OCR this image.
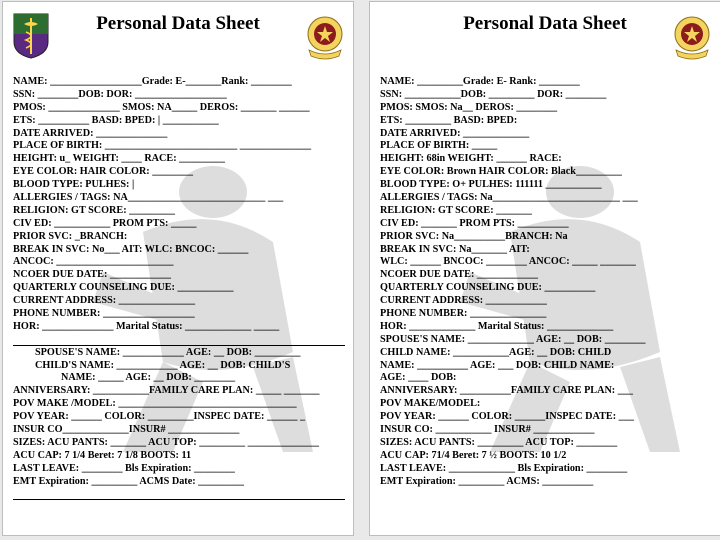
Personal Data Sheet
NAME: __________________Grade: E-_______Rank: ________
SSN: ________DOB: DOR: __________________
PMOS: ______________ SMOS: NA_____ DEROS: _______ ______
ETS: __________ BASD: BPED: | ___________
DATE ARRIVED: ______________
PLACE OF BIRTH: __________________________ ______________
HEIGHT: u_ WEIGHT: ____ RACE: _________
EYE COLOR: HAIR COLOR: ________
BLOOD TYPE: PULHES: |
ALLERGIES / TAGS: NA___________________________ ___
RELIGION: GT SCORE: _________
CIV ED: ___________ PROM PTS: _____
PRIOR SVC: _BRANCH:
BREAK IN SVC: No___ AIT: WLC: BNCOC: ______
ANCOC: _______________________
NCOER DUE DATE: ____________
QUARTERLY COUNSELING DUE: ___________
CURRENT ADDRESS: _______________
PHONE NUMBER: __________________
HOR: ______________ Marital Status: _____________ _____
SPOUSE'S NAME: ____________ AGE: __ DOB: _________
CHILD'S NAME: ____________ AGE: __ DOB: CHILD'S
NAME: _____ AGE: __ DOB: ________
ANNIVERSARY: ___________FAMILY CARE PLAN: _____ _______
POV MAKE /MODEL: ___________________________________
POV YEAR: ______ COLOR: _________INSPEC DATE: ______ _
INSUR CO_____________INSUR# ______________
SIZES: ACU PANTS: _______ ACU TOP: _________ ______________
ACU CAP: 7 1/4 Beret: 7 1/8 BOOTS: 11
LAST LEAVE: ________ Bls Expiration: ________
EMT Expiration: _________ ACMS Date: _________
Personal Data Sheet
NAME: _________Grade: E- Rank: ________
SSN: ___________DOB: _________ DOR: ________
PMOS: SMOS: Na__ DEROS: ________
ETS: _________ BASD: BPED:
DATE ARRIVED: _____________
PLACE OF BIRTH: _____
HEIGHT: 68in WEIGHT: ______ RACE:
EYE COLOR: Brown HAIR COLOR: Black_________
BLOOD TYPE: O+ PULHES: 111111 ___________
ALLERGIES / TAGS: Na_________________________ ___
RELIGION: GT SCORE: _______
CIV ED: _______ PROM PTS: __________
PRIOR SVC: Na__________BRANCH: Na
BREAK IN SVC: Na_______ AIT:
WLC: ______ BNCOC: ________ ANCOC: _____ _______
NCOER DUE DATE: ____________
QUARTERLY COUNSELING DUE: __________
CURRENT ADDRESS: ____________
PHONE NUMBER: _______________
HOR: _____________ Marital Status: _____________
SPOUSE'S NAME: _____________ AGE: __ DOB: ________
CHILD NAME: ___________AGE: __ DOB: CHILD
NAME: __________ AGE: ___ DOB: CHILD NAME:
AGE: ____ DOB:
ANNIVERSARY: __________FAMILY CARE PLAN: ___
POV MAKE/MODEL:
POV YEAR: ______ COLOR: ______INSPEC DATE: ___
INSUR CO: ___________ INSUR# ____________
SIZES: ACU PANTS: _________ ACU TOP: ________
ACU CAP: 71/4 Beret: 7 ½ BOOTS: 10 1/2
LAST LEAVE: _____________ Bls Expiration: ________
EMT Expiration: _________ ACMS: __________
